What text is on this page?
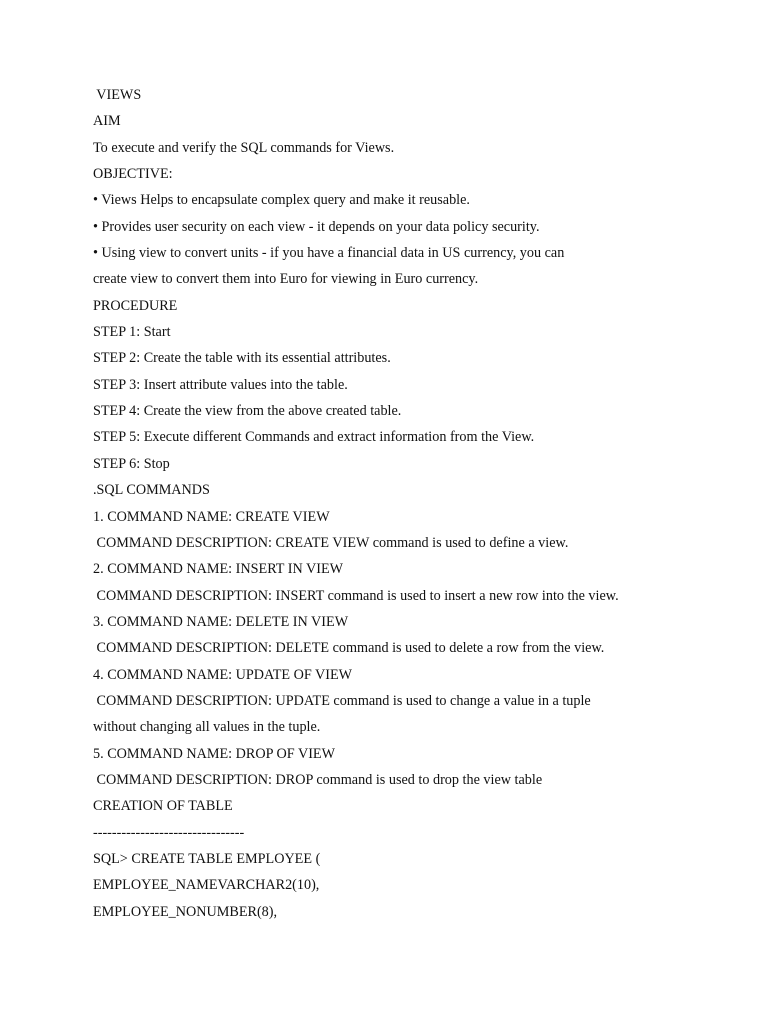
VIEWS
AIM
To execute and verify the SQL commands for Views.
OBJECTIVE:
• Views Helps to encapsulate complex query and make it reusable.
• Provides user security on each view - it depends on your data policy security.
• Using view to convert units - if you have a financial data in US currency, you can
create view to convert them into Euro for viewing in Euro currency.
PROCEDURE
STEP 1: Start
STEP 2: Create the table with its essential attributes.
STEP 3: Insert attribute values into the table.
STEP 4: Create the view from the above created table.
STEP 5: Execute different Commands and extract information from the View.
STEP 6: Stop
.SQL COMMANDS
1. COMMAND NAME: CREATE VIEW
COMMAND DESCRIPTION: CREATE VIEW command is used to define a view.
2. COMMAND NAME: INSERT IN VIEW
COMMAND DESCRIPTION: INSERT command is used to insert a new row into the view.
3. COMMAND NAME: DELETE IN VIEW
COMMAND DESCRIPTION: DELETE command is used to delete a row from the view.
4. COMMAND NAME: UPDATE OF VIEW
COMMAND DESCRIPTION: UPDATE command is used to change a value in a tuple
without changing all values in the tuple.
5. COMMAND NAME: DROP OF VIEW
COMMAND DESCRIPTION: DROP command is used to drop the view table
CREATION OF TABLE
--------------------------------
SQL> CREATE TABLE EMPLOYEE (
EMPLOYEE_NAMEVARCHAR2(10),
EMPLOYEE_NONUMBER(8),
